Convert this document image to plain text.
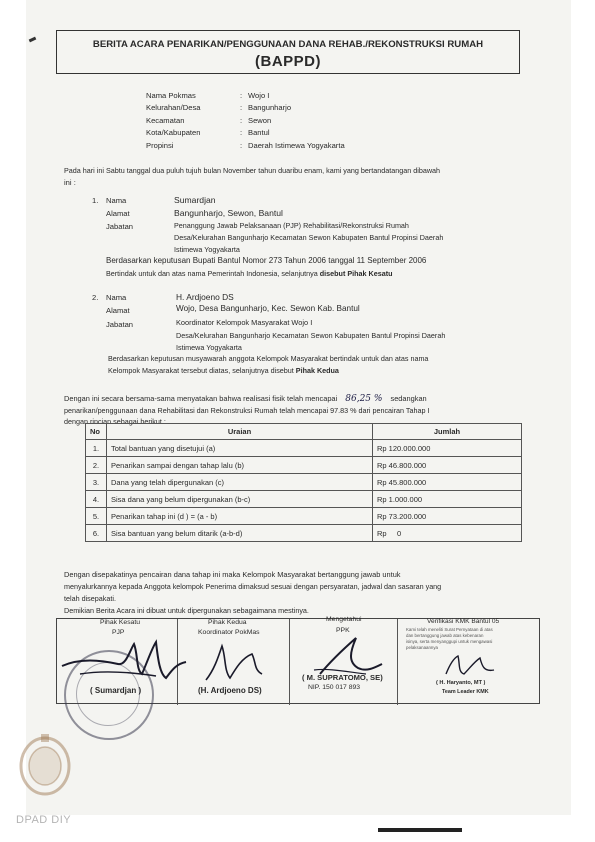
BERITA ACARA PENARIKAN/PENGGUNAAN DANA REHAB./REKONSTRUKSI RUMAH
(BAPPD)
Nama Pokmas	: Wojo I
Kelurahan/Desa	: Bangunharjo
Kecamatan	: Sewon
Kota/Kabupaten	: Bantul
Propinsi	: Daerah Istimewa Yogyakarta
Pada hari ini Sabtu tanggal dua puluh tujuh bulan November tahun duaribu enam, kami yang bertandatangan dibawah
ini :
1. Nama	Sumardjan
Alamat	Bangunharjo, Sewon, Bantul
Jabatan	Penanggung Jawab Pelaksanaan (PJP) Rehabilitasi/Rekonstruksi Rumah
Desa/Kelurahan Bangunharjo Kecamatan Sewon Kabupaten Bantul Propinsi Daerah
Istimewa Yogyakarta
Berdasarkan keputusan Bupati Bantul Nomor 273 Tahun 2006 tanggal 11 September 2006
Bertindak untuk dan atas nama Pemerintah Indonesia, selanjutnya disebut Pihak Kesatu
2. Nama	H. Ardjoeno DS
Alamat	Wojo, Desa Bangunharjo, Kec. Sewon Kab. Bantul
Jabatan	Koordinator Kelompok Masyarakat Wojo I
Desa/Kelurahan Bangunharjo Kecamatan Sewon Kabupaten Bantul Propinsi Daerah
Istimewa Yogyakarta
Berdasarkan keputusan musyawarah anggota Kelompok Masyarakat bertindak untuk dan atas nama
Kelompok Masyarakat tersebut diatas, selanjutnya disebut Pihak Kedua
Dengan ini secara bersama-sama menyatakan bahwa realisasi fisik telah mencapai 86,25 % sedangkan
penarikan/penggunaan dana Rehabilitasi dan Rekonstruksi Rumah telah mencapai 97.83 % dari pencairan Tahap I
dengan rincian sebagai berikut :
No	Uraian	Jumlah
1.	Total bantuan yang disetujui (a)	Rp 120.000.000
2.	Penarikan sampai dengan tahap lalu (b)	Rp 46.800.000
3.	Dana yang telah dipergunakan (c)	Rp 45.800.000
4.	Sisa dana yang belum dipergunakan (b-c)	Rp 1.000.000
5.	Penarikan tahap ini (d ) = (a - b)	Rp 73.200.000
6.	Sisa bantuan yang belum ditarik (a-b-d)	Rp     0
Dengan disepakatinya pencairan dana tahap ini maka Kelompok Masyarakat bertanggung jawab untuk
menyalurkannya kepada Anggota kelompok Penerima dimaksud sesuai dengan persyaratan, jadwal dan sasaran yang
telah disepakati.
Demikian Berita Acara ini dibuat untuk dipergunakan sebagaimana mestinya.
Pihak Kesatu
PJP
( Sumardjan )
Pihak Kedua
Koordinator PokMas
(H. Ardjoeno DS)
Mengetahui
PPK
( M. SUPRATOMO, SE)
NIP. 150 017 893
Verifikasi KMK Bantul 05
Kami telah meneliti Surat Pernyataan di atas
dan bertanggung jawab atas kebenaran
isinya, serta menyanggupi untuk mengawasi
pelaksanaannya
( H. Haryanto, MT )
Team Leader KMK
DPAD DIY
